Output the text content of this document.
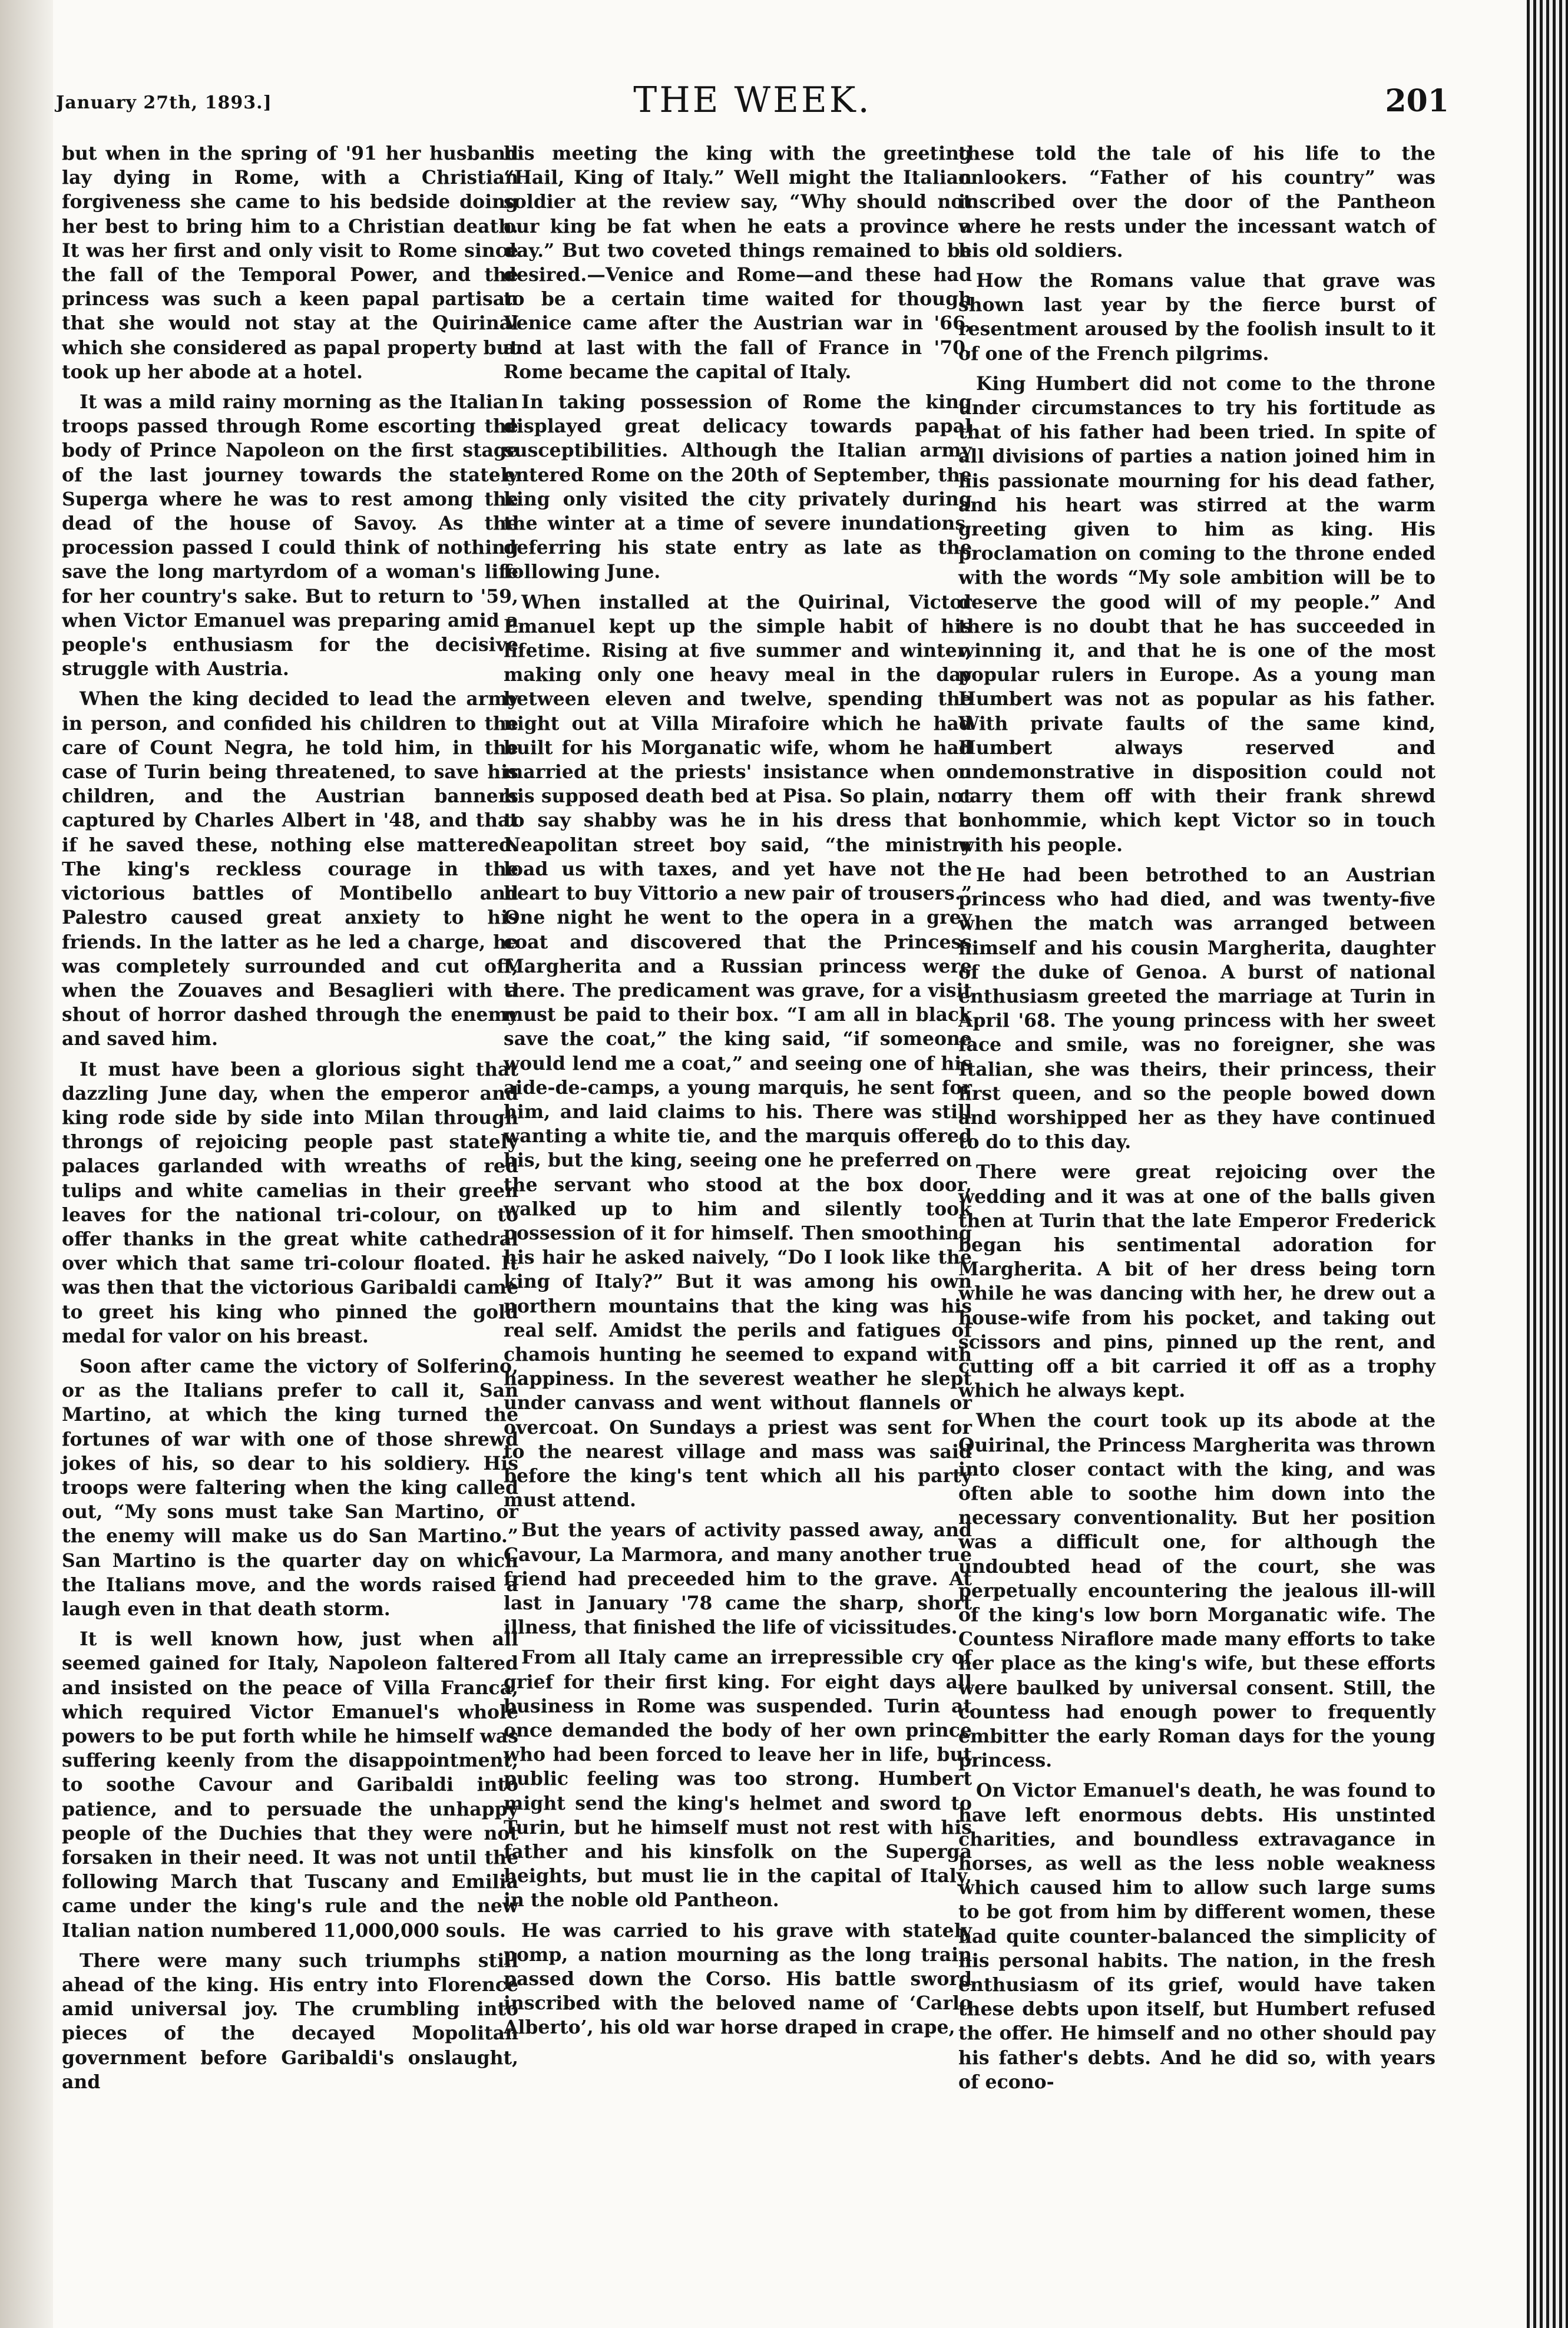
January 27th, 1893.]	THE WEEK.	201

but when in the spring of '91 her husband lay dying in Rome, with a Christian forgiveness she came to his bedside doing her best to bring him to a Christian death. It was her first and only visit to Rome since the fall of the Temporal Power, and the princess was such a keen papal partisan that she would not stay at the Quirinal which she considered as papal property but took up her abode at a hotel.

It was a mild rainy morning as the Italian troops passed through Rome escorting the body of Prince Napoleon on the first stage of the last journey towards the stately Superga where he was to rest among the dead of the house of Savoy. As the procession passed I could think of nothing save the long martyrdom of a woman's life for her country's sake. But to return to '59, when Victor Emanuel was preparing amid a people's enthusiasm for the decisive struggle with Austria.

When the king decided to lead the army in person, and confided his children to the care of Count Negra, he told him, in the case of Turin being threatened, to save his children, and the Austrian banners captured by Charles Albert in '48, and that if he saved these, nothing else mattered. The king's reckless courage in the victorious battles of Montibello and Palestro caused great anxiety to his friends. In the latter as he led a charge, he was completely surrounded and cut off, when the Zouaves and Besaglieri with a shout of horror dashed through the enemy and saved him.

It must have been a glorious sight that dazzling June day, when the emperor and king rode side by side into Milan through throngs of rejoicing people past stately palaces garlanded with wreaths of red tulips and white camelias in their green leaves for the national tri-colour, on to offer thanks in the great white cathedral over which that same tri-colour floated. It was then that the victorious Garibaldi came to greet his king who pinned the gold medal for valor on his breast.

Soon after came the victory of Solferino, or as the Italians prefer to call it, San Martino, at which the king turned the fortunes of war with one of those shrewd jokes of his, so dear to his soldiery. His troops were faltering when the king called out, “My sons must take San Martino, or the enemy will make us do San Martino.” San Martino is the quarter day on which the Italians move, and the words raised a laugh even in that death storm.

It is well known how, just when all seemed gained for Italy, Napoleon faltered and insisted on the peace of Villa Franca, which required Victor Emanuel's whole powers to be put forth while he himself was suffering keenly from the disappointment, to soothe Cavour and Garibaldi into patience, and to persuade the unhappy people of the Duchies that they were not forsaken in their need. It was not until the following March that Tuscany and Emilia came under the king's rule and the new Italian nation numbered 11,000,000 souls.

There were many such triumphs still ahead of the king. His entry into Florence amid universal joy. The crumbling into pieces of the decayed Mopolitan government before Garibaldi's onslaught, and

his meeting the king with the greeting “Hail, King of Italy.” Well might the Italian soldier at the review say, “Why should not our king be fat when he eats a province a day.” But two coveted things remained to be desired.—Venice and Rome—and these had to be a certain time waited for though Venice came after the Austrian war in '66, and at last with the fall of France in '70, Rome became the capital of Italy.

In taking possession of Rome the king displayed great delicacy towards papal susceptibilities. Although the Italian army entered Rome on the 20th of September, the king only visited the city privately during the winter at a time of severe inundations, deferring his state entry as late as the following June.

When installed at the Quirinal, Victor Emanuel kept up the simple habit of his lifetime. Rising at five summer and winter, making only one heavy meal in the day between eleven and twelve, spending the night out at Villa Mirafoire which he had built for his Morganatic wife, whom he had married at the priests' insistance when on his supposed death bed at Pisa. So plain, not to say shabby was he in his dress that a Neapolitan street boy said, “the ministry load us with taxes, and yet have not the heart to buy Vittorio a new pair of trousers.” One night he went to the opera in a grey coat and discovered that the Princess Margherita and a Russian princess were there. The predicament was grave, for a visit must be paid to their box. “I am all in black save the coat,” the king said, “if someone would lend me a coat,” and seeing one of his aide-de-camps, a young marquis, he sent for him, and laid claims to his. There was still wanting a white tie, and the marquis offered his, but the king, seeing one he preferred on the servant who stood at the box door, walked up to him and silently took possession of it for himself. Then smoothing his hair he asked naively, “Do I look like the king of Italy?” But it was among his own northern mountains that the king was his real self. Amidst the perils and fatigues of chamois hunting he seemed to expand with happiness. In the severest weather he slept under canvass and went without flannels or overcoat. On Sundays a priest was sent for to the nearest village and mass was said before the king's tent which all his party must attend.

But the years of activity passed away, and Cavour, La Marmora, and many another true friend had preceeded him to the grave. At last in January '78 came the sharp, short illness, that finished the life of vicissitudes.

From all Italy came an irrepressible cry of grief for their first king. For eight days all business in Rome was suspended. Turin at once demanded the body of her own prince who had been forced to leave her in life, but public feeling was too strong. Humbert might send the king's helmet and sword to Turin, but he himself must not rest with his father and his kinsfolk on the Superga heights, but must lie in the capital of Italy, in the noble old Pantheon.

He was carried to his grave with stately pomp, a nation mourning as the long train passed down the Corso. His battle sword inscribed with the beloved name of ‘Carlo Alberto’, his old war horse draped in crape,

these told the tale of his life to the onlookers. “Father of his country” was inscribed over the door of the Pantheon where he rests under the incessant watch of his old soldiers.

How the Romans value that grave was shown last year by the fierce burst of resentment aroused by the foolish insult to it of one of the French pilgrims.

King Humbert did not come to the throne under circumstances to try his fortitude as that of his father had been tried. In spite of all divisions of parties a nation joined him in his passionate mourning for his dead father, and his heart was stirred at the warm greeting given to him as king. His proclamation on coming to the throne ended with the words “My sole ambition will be to deserve the good will of my people.” And there is no doubt that he has succeeded in winning it, and that he is one of the most popular rulers in Europe. As a young man Humbert was not as popular as his father. With private faults of the same kind, Humbert always reserved and undemonstrative in disposition could not carry them off with their frank shrewd bonhommie, which kept Victor so in touch with his people.

He had been betrothed to an Austrian princess who had died, and was twenty-five when the match was arranged between himself and his cousin Margherita, daughter of the duke of Genoa. A burst of national enthusiasm greeted the marriage at Turin in April '68. The young princess with her sweet face and smile, was no foreigner, she was Italian, she was theirs, their princess, their first queen, and so the people bowed down and worshipped her as they have continued to do to this day.

There were great rejoicing over the wedding and it was at one of the balls given then at Turin that the late Emperor Frederick began his sentimental adoration for Margherita. A bit of her dress being torn while he was dancing with her, he drew out a house-wife from his pocket, and taking out scissors and pins, pinned up the rent, and cutting off a bit carried it off as a trophy which he always kept.

When the court took up its abode at the Quirinal, the Princess Margherita was thrown into closer contact with the king, and was often able to soothe him down into the necessary conventionality. But her position was a difficult one, for although the undoubted head of the court, she was perpetually encountering the jealous ill-will of the king's low born Morganatic wife. The Countess Niraflore made many efforts to take her place as the king's wife, but these efforts were baulked by universal consent. Still, the countess had enough power to frequently embitter the early Roman days for the young princess.

On Victor Emanuel's death, he was found to have left enormous debts. His unstinted charities, and boundless extravagance in horses, as well as the less noble weakness which caused him to allow such large sums to be got from him by different women, these had quite counter-balanced the simplicity of his personal habits. The nation, in the fresh enthusiasm of its grief, would have taken these debts upon itself, but Humbert refused the offer. He himself and no other should pay his father's debts. And he did so, with years of econo-
